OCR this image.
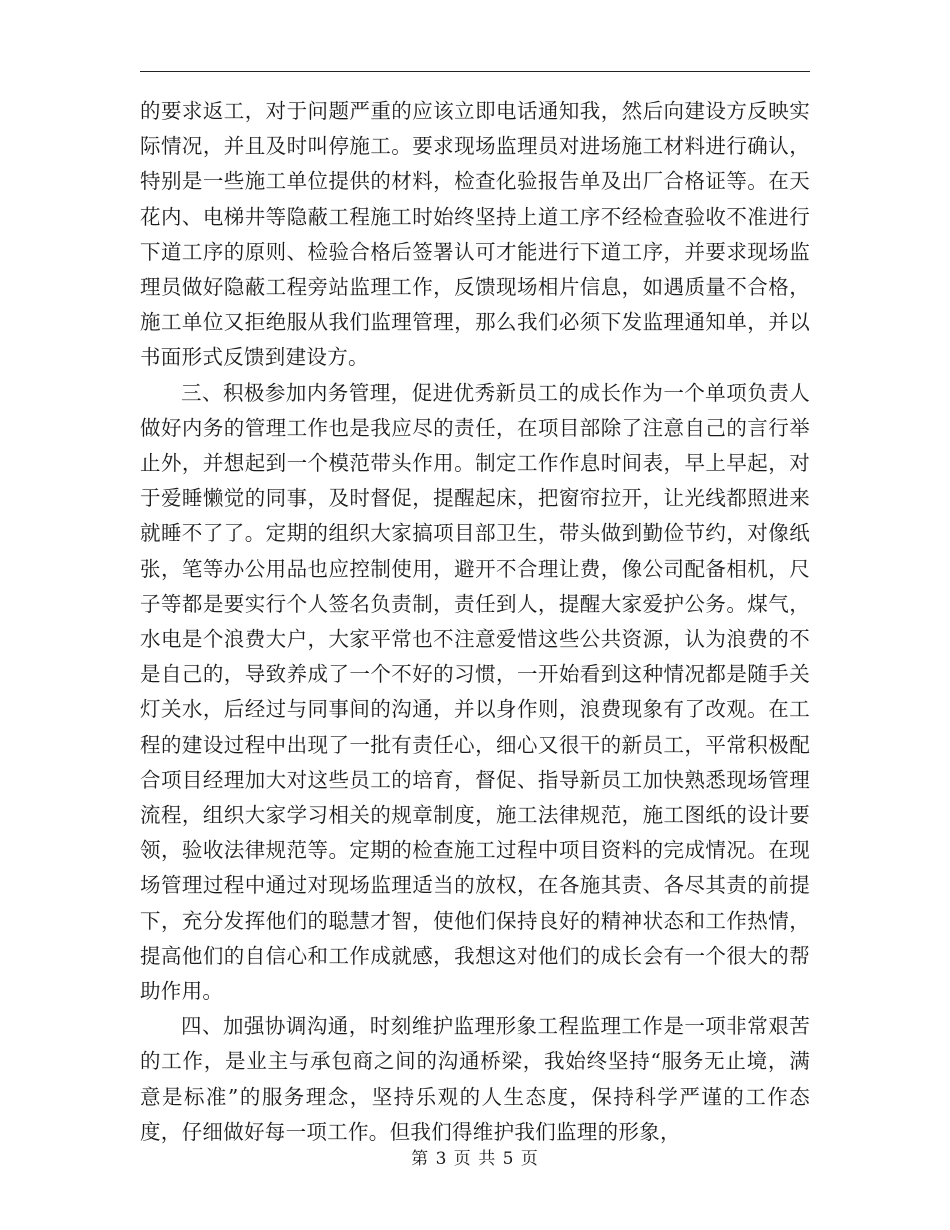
的要求返工，对于问题严重的应该立即电话通知我，然后向建设方反映实际情况，并且及时叫停施工。要求现场监理员对进场施工材料进行确认，特别是一些施工单位提供的材料，检查化验报告单及出厂合格证等。在天花内、电梯井等隐蔽工程施工时始终坚持上道工序不经检查验收不准进行下道工序的原则、检验合格后签署认可才能进行下道工序，并要求现场监理员做好隐蔽工程旁站监理工作，反馈现场相片信息，如遇质量不合格，施工单位又拒绝服从我们监理管理，那么我们必须下发监理通知单，并以书面形式反馈到建设方。

三、积极参加内务管理，促进优秀新员工的成长作为一个单项负责人做好内务的管理工作也是我应尽的责任，在项目部除了注意自己的言行举止外，并想起到一个模范带头作用。制定工作作息时间表，早上早起，对于爱睡懒觉的同事，及时督促，提醒起床，把窗帘拉开，让光线都照进来就睡不了了。定期的组织大家搞项目部卫生，带头做到勤俭节约，对像纸张，笔等办公用品也应控制使用，避开不合理让费，像公司配备相机，尺子等都是要实行个人签名负责制，责任到人，提醒大家爱护公务。煤气，水电是个浪费大户，大家平常也不注意爱惜这些公共资源，认为浪费的不是自己的，导致养成了一个不好的习惯，一开始看到这种情况都是随手关灯关水，后经过与同事间的沟通，并以身作则，浪费现象有了改观。在工程的建设过程中出现了一批有责任心，细心又很干的新员工，平常积极配合项目经理加大对这些员工的培育，督促、指导新员工加快熟悉现场管理流程，组织大家学习相关的规章制度，施工法律规范，施工图纸的设计要领，验收法律规范等。定期的检查施工过程中项目资料的完成情况。在现场管理过程中通过对现场监理适当的放权，在各施其责、各尽其责的前提下，充分发挥他们的聪慧才智，使他们保持良好的精神状态和工作热情，提高他们的自信心和工作成就感，我想这对他们的成长会有一个很大的帮助作用。

四、加强协调沟通，时刻维护监理形象工程监理工作是一项非常艰苦的工作，是业主与承包商之间的沟通桥梁，我始终坚持“服务无止境，满意是标准”的服务理念，坚持乐观的人生态度，保持科学严谨的工作态度，仔细做好每一项工作。但我们得维护我们监理的形象，

第 3 页 共 5 页
